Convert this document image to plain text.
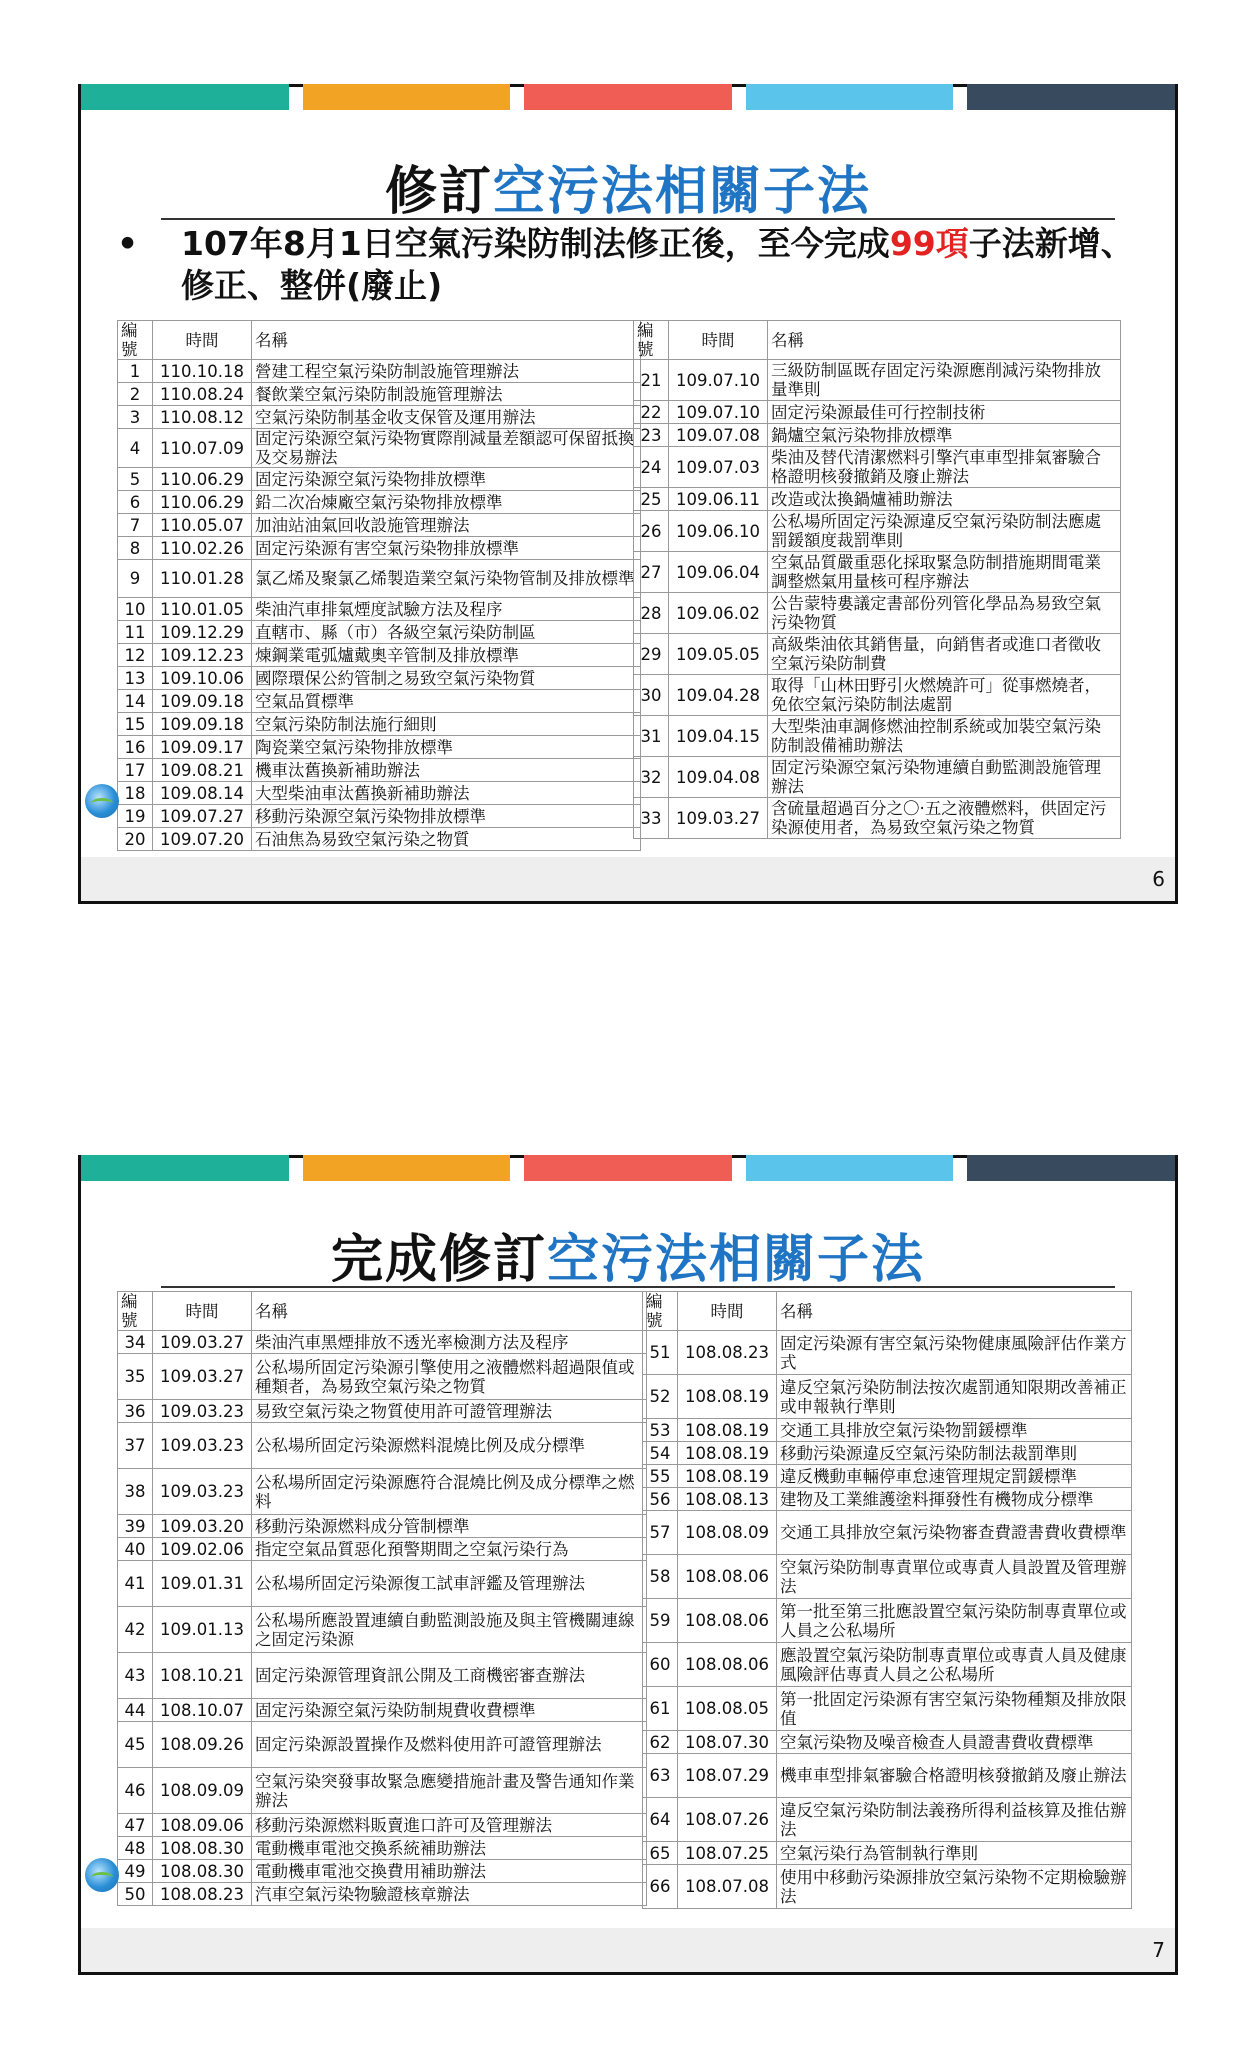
修訂空污法相關子法
• 107年8月1日空氣污染防制法修正後，至今完成99項子法新增、修正、整併(廢止)
編號	時間	名稱
1	110.10.18	營建工程空氣污染防制設施管理辦法
2	110.08.24	餐飲業空氣污染防制設施管理辦法
3	110.08.12	空氣污染防制基金收支保管及運用辦法
4	110.07.09	固定污染源空氣污染物實際削減量差額認可保留抵換及交易辦法
5	110.06.29	固定污染源空氣污染物排放標準
6	110.06.29	鉛二次冶煉廠空氣污染物排放標準
7	110.05.07	加油站油氣回收設施管理辦法
8	110.02.26	固定污染源有害空氣污染物排放標準
9	110.01.28	氯乙烯及聚氯乙烯製造業空氣污染物管制及排放標準
10	110.01.05	柴油汽車排氣煙度試驗方法及程序
11	109.12.29	直轄市、縣（市）各級空氣污染防制區
12	109.12.23	煉鋼業電弧爐戴奧辛管制及排放標準
13	109.10.06	國際環保公約管制之易致空氣污染物質
14	109.09.18	空氣品質標準
15	109.09.18	空氣污染防制法施行細則
16	109.09.17	陶瓷業空氣污染物排放標準
17	109.08.21	機車汰舊換新補助辦法
18	109.08.14	大型柴油車汰舊換新補助辦法
19	109.07.27	移動污染源空氣污染物排放標準
20	109.07.20	石油焦為易致空氣污染之物質
編號	時間	名稱
21	109.07.10	三級防制區既存固定污染源應削減污染物排放量準則
22	109.07.10	固定污染源最佳可行控制技術
23	109.07.08	鍋爐空氣污染物排放標準
24	109.07.03	柴油及替代清潔燃料引擎汽車車型排氣審驗合格證明核發撤銷及廢止辦法
25	109.06.11	改造或汰換鍋爐補助辦法
26	109.06.10	公私場所固定污染源違反空氣污染防制法應處罰鍰額度裁罰準則
27	109.06.04	空氣品質嚴重惡化採取緊急防制措施期間電業調整燃氣用量核可程序辦法
28	109.06.02	公告蒙特婁議定書部份列管化學品為易致空氣污染物質
29	109.05.05	高級柴油依其銷售量，向銷售者或進口者徵收空氣污染防制費
30	109.04.28	取得「山林田野引火燃燒許可」從事燃燒者，免依空氣污染防制法處罰
31	109.04.15	大型柴油車調修燃油控制系統或加裝空氣污染防制設備補助辦法
32	109.04.08	固定污染源空氣污染物連續自動監測設施管理辦法
33	109.03.27	含硫量超過百分之〇‧五之液體燃料，供固定污染源使用者，為易致空氣污染之物質
6
完成修訂空污法相關子法
編號	時間	名稱
34	109.03.27	柴油汽車黑煙排放不透光率檢測方法及程序
35	109.03.27	公私場所固定污染源引擎使用之液體燃料超過限值或種類者，為易致空氣污染之物質
36	109.03.23	易致空氣污染之物質使用許可證管理辦法
37	109.03.23	公私場所固定污染源燃料混燒比例及成分標準
38	109.03.23	公私場所固定污染源應符合混燒比例及成分標準之燃料
39	109.03.20	移動污染源燃料成分管制標準
40	109.02.06	指定空氣品質惡化預警期間之空氣污染行為
41	109.01.31	公私場所固定污染源復工試車評鑑及管理辦法
42	109.01.13	公私場所應設置連續自動監測設施及與主管機關連線之固定污染源
43	108.10.21	固定污染源管理資訊公開及工商機密審查辦法
44	108.10.07	固定污染源空氣污染防制規費收費標準
45	108.09.26	固定污染源設置操作及燃料使用許可證管理辦法
46	108.09.09	空氣污染突發事故緊急應變措施計畫及警告通知作業辦法
47	108.09.06	移動污染源燃料販賣進口許可及管理辦法
48	108.08.30	電動機車電池交換系統補助辦法
49	108.08.30	電動機車電池交換費用補助辦法
50	108.08.23	汽車空氣污染物驗證核章辦法
編號	時間	名稱
51	108.08.23	固定污染源有害空氣污染物健康風險評估作業方式
52	108.08.19	違反空氣污染防制法按次處罰通知限期改善補正或申報執行準則
53	108.08.19	交通工具排放空氣污染物罰鍰標準
54	108.08.19	移動污染源違反空氣污染防制法裁罰準則
55	108.08.19	違反機動車輛停車怠速管理規定罰鍰標準
56	108.08.13	建物及工業維護塗料揮發性有機物成分標準
57	108.08.09	交通工具排放空氣污染物審查費證書費收費標準
58	108.08.06	空氣污染防制專責單位或專責人員設置及管理辦法
59	108.08.06	第一批至第三批應設置空氣污染防制專責單位或人員之公私場所
60	108.08.06	應設置空氣污染防制專責單位或專責人員及健康風險評估專責人員之公私場所
61	108.08.05	第一批固定污染源有害空氣污染物種類及排放限值
62	108.07.30	空氣污染物及噪音檢查人員證書費收費標準
63	108.07.29	機車車型排氣審驗合格證明核發撤銷及廢止辦法
64	108.07.26	違反空氣污染防制法義務所得利益核算及推估辦法
65	108.07.25	空氣污染行為管制執行準則
66	108.07.08	使用中移動污染源排放空氣污染物不定期檢驗辦法
7
